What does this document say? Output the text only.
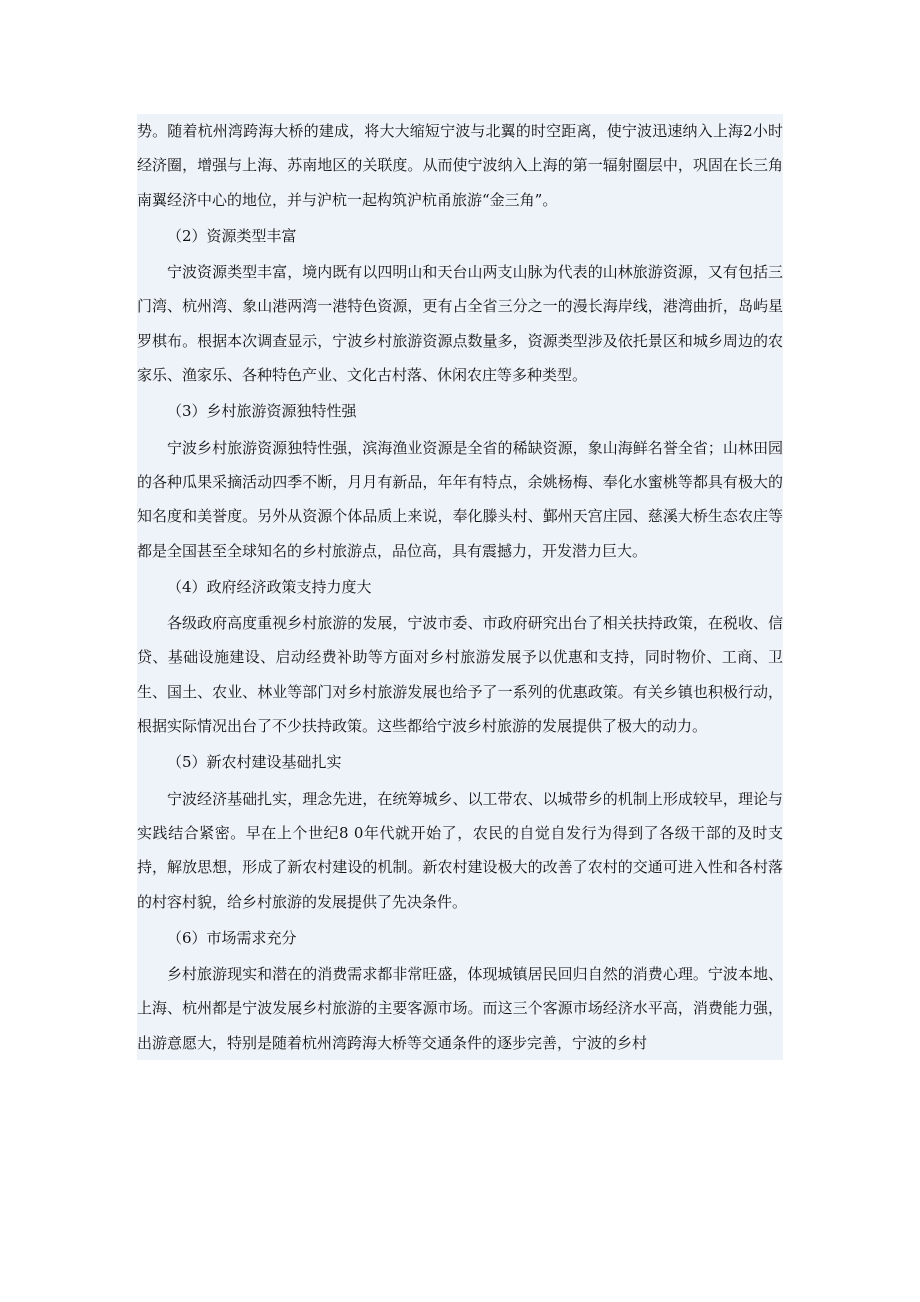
势。随着杭州湾跨海大桥的建成，将大大缩短宁波与北翼的时空距离，使宁波迅速纳入上海2小时经济圈，增强与上海、苏南地区的关联度。从而使宁波纳入上海的第一辐射圈层中，巩固在长三角南翼经济中心的地位，并与沪杭一起构筑沪杭甬旅游“金三角”。

（2）资源类型丰富

宁波资源类型丰富，境内既有以四明山和天台山两支山脉为代表的山林旅游资源，又有包括三门湾、杭州湾、象山港两湾一港特色资源，更有占全省三分之一的漫长海岸线，港湾曲折，岛屿星罗棋布。根据本次调查显示，宁波乡村旅游资源点数量多，资源类型涉及依托景区和城乡周边的农家乐、渔家乐、各种特色产业、文化古村落、休闲农庄等多种类型。

（3）乡村旅游资源独特性强

宁波乡村旅游资源独特性强，滨海渔业资源是全省的稀缺资源，象山海鲜名誉全省；山林田园的各种瓜果采摘活动四季不断，月月有新品，年年有特点，余姚杨梅、奉化水蜜桃等都具有极大的知名度和美誉度。另外从资源个体品质上来说，奉化滕头村、鄞州天宫庄园、慈溪大桥生态农庄等都是全国甚至全球知名的乡村旅游点，品位高，具有震撼力，开发潜力巨大。

（4）政府经济政策支持力度大

各级政府高度重视乡村旅游的发展，宁波市委、市政府研究出台了相关扶持政策，在税收、信贷、基础设施建设、启动经费补助等方面对乡村旅游发展予以优惠和支持，同时物价、工商、卫生、国土、农业、林业等部门对乡村旅游发展也给予了一系列的优惠政策。有关乡镇也积极行动，根据实际情况出台了不少扶持政策。这些都给宁波乡村旅游的发展提供了极大的动力。

（5）新农村建设基础扎实

宁波经济基础扎实，理念先进，在统筹城乡、以工带农、以城带乡的机制上形成较早，理论与实践结合紧密。早在上个世纪8 0年代就开始了，农民的自觉自发行为得到了各级干部的及时支持，解放思想，形成了新农村建设的机制。新农村建设极大的改善了农村的交通可进入性和各村落的村容村貌，给乡村旅游的发展提供了先决条件。

（6）市场需求充分

乡村旅游现实和潜在的消费需求都非常旺盛，体现城镇居民回归自然的消费心理。宁波本地、上海、杭州都是宁波发展乡村旅游的主要客源市场。而这三个客源市场经济水平高，消费能力强，出游意愿大，特别是随着杭州湾跨海大桥等交通条件的逐步完善，宁波的乡村
